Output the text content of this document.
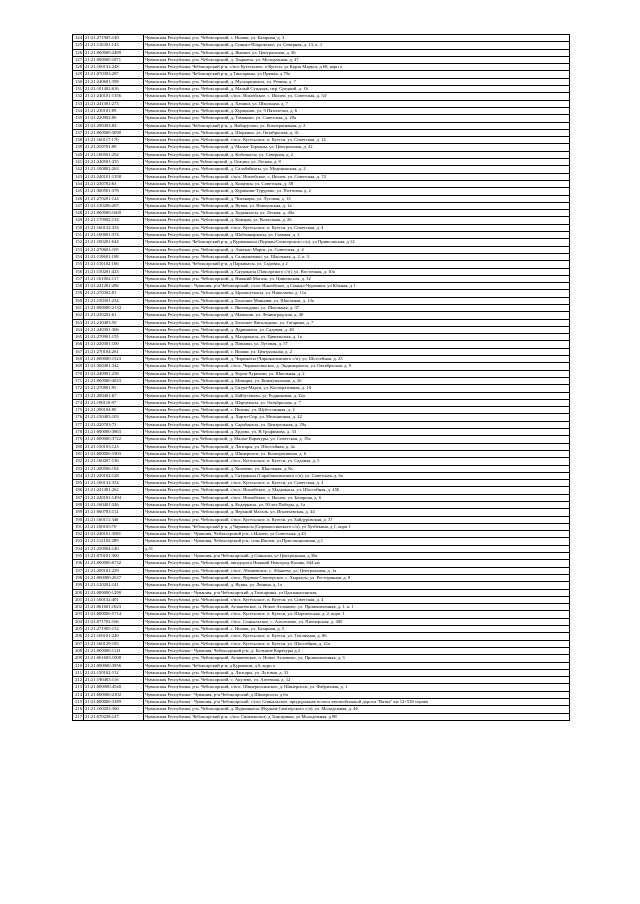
124	21:21:271905:149	Чувашская Республика, р-н. Чебоксарский, с. Ишаки, ул. Базарная, д. 3
125	21:21:110301:143	Чувашская Республика, р-н. Чебоксарский, д. Синьял-Покровское, ул. Северная, д. 13, к. 1
126	21:21:000000:2489	Чувашская Республика, р-н. Чебоксарский, д. Яныши, ул. Центральная, д. 36
127	21:21:000000:1871	Чувашская Республика, р-н. Чебоксарский, д. Хыркасы, ул. Молодежная, д. 47
128	21:21:160132:248	Чувашская Республика, Чебоксарский р-н, с/пос Кугесьское, п Кугеси, ул Карла Маркса, д 68, корп а
129	21:21:070303:287	Чувашская Республика, Чебоксарский р-н, д Тинсарины, ул Прямая, д 79а
130	21:21:240601:398	Чувашская Республика, р-н. Чебоксарский, д. Мускаринкасы, ул. Речная, д. 7
131	21:21:101402:616	Чувашская Республика, р-н. Чебоксарский, д. Малый Сундырь, пер. Средний, д. 16
132	21:21:240101:1356	Чувашская Республика, р-н. Чебоксарский, с/пос. Ишлейское, с. Ишлеи, ул. Советская, д. 54
133	21:21:241301:273	Чувашская Республика, р-н. Чебоксарский, д. Хачики, ул. Школьная, д. 7
134	21:21:230101:89	Чувашская Республика, р-н. Чебоксарский, д. Курмыши, ул. 9 Пятилетки, д. 6
135	21:21:220902:86	Чувашская Республика, р-н. Чебоксарский, д. Томаково, ул. Советская, д. 20а
136	21:21:290303:84	Чувашская Республика, Чебоксарский р-н, д. Ямбарусово, ул. Кооперативная, д. 2
137	21:21:000000:3090	Чувашская Республика, р-н. Чебоксарский, д. Шоркино, ул. Октябрьская, д. 41
138	21:21:160117:170	Чувашская Республика, р-н. Чебоксарский, с/пос. Кугесьское, п. Кугеси, ул. Советская, д. 14
139	21:21:250701:89	Чувашская Республика, р-н. Чебоксарский, д. Малые Торханы, ул. Центральная, д. 22
140	21:21:100501:254	Чувашская Республика, р-н. Чебоксарский, д. Кибечкасы, ул. Северная, д. 2
141	21:21:240501:255	Чувашская Республика, р-н Чебоксарский, д. Огацпи, ул. Лесная, д. 8
142	21:21:100802:263	Чувашская Республика, р-н. Чебоксарский, д. Салабайкасы, ул. Медицинская, д. 2
143	21:21:240101:1358	Чувашская Республика, р-н. Чебоксарский, с/пос. Ишлейское, с. Ишлеи, ул. Советская, д. 72
144	21:21:230702:63	Чувашская Республика, р-н. Чебоксарский, д. Кшаушы, ул. Советская, д. 38
145	21:21:300501:378	Чувашская Республика, р-н. Чебоксарский, д. Курмыши-Турурово, ул. Почтовая, д. 2
146	21:21:270201:124	Чувашская Республика, р-н. Чебоксарский, д. Чиганары, ул. Луговая, д. 13
147	21:21:120206:207	Чувашская Республика, р-н. Чебоксарский, д. Яушы, ул. Новоушская, д. 1а
148	21:21:000000:1669	Чувашская Республика, р-н. Чебоксарский, д. Хурынхасы, ул. Лесная, д. 40а
149	21:21:170902:134	Чувашская Республика, р-н. Чебоксарский, д. Кожары, ул. Колхозная, д. 26
150	21:21:160132:354	Чувашская Республика, р-н. Чебоксарский, с/пос. Кугесьское, п. Кугеси, ул. Советская, д. 4
151	21:21:100601:374	Чувашская Республика, р-н. Чебоксарский, д. Шобашкаркасы, ул. Главная, д. 2
152	21:21:100201:644	Чувашская Республика, Чебоксарский р-н, д Вурманкасы (Вурман-Сюктерского с/п), ул Приволжская, д 12
153	21:21:270603:105	Чувашская Республика, р-н. Чебоксарский, д. Анаткас-Марги, ул. Советская, д. 4
154	21:21:110601:108	Чувашская Республика, р-н. Чебоксарский, д. Салмановино, ул. Школьная, д. 2, к. 3
155	21:21:110102:166	Чувашская Республика, Чебоксарский р-н, д Паркикасы, ул. Садовая, д 2
156	21:21:150201:423	Чувашская Республика, р-н. Чебоксарский, д. Сятракасы (Лапсарского с/п), ул. Восточная, д. 10а
157	21:21:161002:117	Чувашская Республика, р-н. Чебоксарский, д. Нижний Магаль, ул. Цивильская, д. 32
158	21:21:241201:286	Чувашская Республика - Чувашия, р-н Чебоксарский, с/пос Ишлейское, д Синьял-Чурачики, ул Южная, д 1
159	21:21:270302:81	Чувашская Республика, р-н. Чебоксарский, д. Ырашпуткасы, ул. Николаева, д. 11а
160	21:21:150301:234	Чувашская Республика, р-н. Чебоксарский, д. Большие Маннави, ул. Школьная, д. 13а
161	21:21:000000:2133	Чувашская Республика, р-н. Чебоксарский, с. Янгильдино, ул. Школьная, д. 37
162	21:21:230202:61	Чувашская Республика, р-н. Чебоксарский, д. Мамыши, ул. Ленинградская, д. 40
163	21:21:210403:59	Чувашская Республика, р-н. Чебоксарский, д. Большое Янгильдино, ул. Гагарина, д. 7
164	21:21:240301:306	Чувашская Республика, р-н. Чебоксарский, д. Ядринкасы, ул. Садовая, д. 28
165	21:21:270901:155	Чувашская Республика, р-н. Чебоксарский, д. Малдыкасы, ул. Цивильская, д. 1а
166	21:21:220301:100	Чувашская Республика, р-н. Чебоксарский, д. Пишики, ул. Луговая, д. 57
167	21:21:270104:261	Чувашская Республика, р-н. Чебоксарский, с. Ишаки, ул. Центральная, д. 2
168	21:21:000000:1523	Чувашская Республика, р-н. Чебоксарский, д. Чиршкасы (Чиршкасинского с/п), ул. Шоссейная, д. 23
169	21:21:300401:342	Чувашская Республика, р-н. Чебоксарский, с/пос. Чиршкасинское, д. Эндимиркасы, ул. Октябрьская, д. 9
170	21:21:240901:258	Чувашская Республика, р-н. Чебоксарский, д. Корак-Чуриаши, ул. Школьная, д. 2
171	21:21:000000:4023	Чувашская Республика, р-н. Чебоксарский, д. Мижары, ул. Коммунальная, д. 26
172	21:21:270801:95	Чувашская Республика, р-н. Чебоксарский, д. Сятра-Марги, ул. Кооперативная, д. 10
173	21:21:200401:67	Чувашская Республика, р-н. Чебоксарский, д. Байбусёвово, ул. Родниковая, д. 32а
174	21:21:190110:97	Чувашская Республика, р-н. Чебоксарский, д. Шорчекасы, ул. Октябрьская, д. 7
175	21:21:290104:80	Чувашская Республика, р-н. Чебоксарский, с. Икково, ул. Шубоссинная, д. 2
176	21:21:150403:103	Чувашская Республика, р-н. Чебоксарский, д. Хирти-Сир, ул. Мельничная, д. 42
177	21:21:220703:73	Чувашская Республика, р-н. Чебоксарский, д. Сарабакасы, ул. Центральная, д. 29а
178	21:21:000000:3863	Чувашская Республика, р-н. Чебоксарский, д. Ердово, ул. В.Трофимова, д. 33
179	21:21:000000:3722	Чувашская Республика, р-н Чебоксарский, д. Малые Карачуры, ул. Советская, д. 19а
180	21:21:150103:123	Чувашская Республика, р-н. Чебоксарский, д. Лапсары, ул. Шоссейная, д. 4а
181	21:21:000000:1903	Чувашская Республика, р-н. Чебоксарский, д. Шинерпоси, ул. Кооперативная, д. 6
182	21:21:160207:136	Чувашская Республика, р-н. Чебоксарский, с/пос. Кугесьское, п. Кугеси, ул. Садовая, д. 5
183	21:21:200506:194	Чувашская Республика, р-н. Чебоксарский, д. Кшачево, ул. Школьная, д. 8а
184	21:21:220102:128	Чувашская Республика, р-н. Чебоксарский, д. Сятракасы (Сарабакасинского с/п), ул. Советская, д. 6а
185	21:21:160132:354	Чувашская Республика, р-н. Чебоксарский, с/пос. Кугесьское, п. Кугеси, ул. Советская, д. 4
186	21:21:241401:262	Чувашская Республика, р-н. Чебоксарский, с/пос. Ишлейское, д. Мадкакасы, ул. Шоссейная, д. 45Б
187	21:21:240101:1494	Чувашская Республика, р-н. Чебоксарский, с/пос. Ишлейское, с. Ишлеи, ул. Базарная, д. 6
188	21:21:160401:326	Чувашская Республика, р-н. Чебоксарский, д. Кодеркасы, ул. 50 лет Победы, д. 1а
189	21:21:060703:112	Чувашская Республика, р-н. Чебоксарский, д. Верхний Магаль, ул. Игнатьевская, д. 44
190	21:21:160111:346	Чувашская Республика, р-н. Чебоксарский, с/пос. Кугесьское, п. Кугеси, ул. Байдуровская, д. 37
191	21:21:100103:70	Чувашская Республика, Чебоксарский р-н, д Чиршкасы (Сирмапосинского с/п), ул Хузбекина, д 1, корп 1
192	21:21:240101:3081	Чувашская Республика - Чувашия, Чебоксарский р-н, с.Ишлеи, ул.Советская, д.43
193	21:21:112103:289	Чувашская Республика - Чувашия, Чебоксарский р-н, стан.Ишлеи, ул.Пристанционная, д.1
194	21:21:250904:140	д.51
195	21:21:070101:360	Чувашская Республика - Чувашия, р-н Чебоксарский, д Синьялы, ул Центральная, д 30а
196	21:21:000000:6732	Чувашская Республика, р-н. Чебоксарский, автодорога Нижний Новгород-Казань, 644 км
197	21:21:200101:229	Чувашская Республика, р-н. Чебоксарский, с/пос. Абашевское, с. Абашево, ул. Центральная, д. 1а
198	21:21:000000:2637	Чувашская Республика, р-н. Чебоксарский, с/пос. Вурман-Сюктерское, с. Хыркасы, ул. Ресторанная, д. 8
199	21:21:120202:141	Чувашская Республика, р-н. Чебоксарский, д. Яушы, ул. Ленина, д. 1а
200	21:21:000000:1290	Чувашская Республика - Чувашия, р-н Чебоксарский, д Тинсарины, ул Цыганкасинская
201	21:21:160132:401	Чувашская Республика, р-н. Чебоксарский, с/пос. Кугесьское, п. Кугеси, ул. Советская, д. 4
202	21:21:061601:1623	Чувашская Республика, р-н. Чебоксарский, Атлашевское, п. Новое Атлашево, ул. Промышленная, д. 1, к. 1
203	21:21:000000:5714	Чувашская Республика, р-н. Чебоксарский, с/пос. Кугесьское, п. Кугеси, ул. Шоршелская, д. 2, корп. 1
204	21:21:071702:166	Чувашская Республика, р-н. Чебоксарский, с/пос. Синьяльское, с. Альгешево, ул. Пионерская, д. 40б
205	21:21:271905:152	Чувашская Республика, р-н. Чебоксарский, с. Ишаки, ул. Базарная, д. 5
206	21:21:160101:240	Чувашская Республика, р-н. Чебоксарский, с/пос. Кугесьское, п. Кугеси, ул. Тепличная, д. 86
207	21:21:160129:185	Чувашская Республика, р-н. Чебоксарский, с/пос. Кугесьское, п. Кугеси, ул. Шоссейная, д. 21а
208	21:21:000000:1141	Чувашская Республика - Чувашия, Чебоксарский р-н, д. Большие Карачуры д.2
209	21:21:061605:1008	Чувашская Республика, р-н. Чебоксарский, Атлашевское, п. Новое Атлашево, ул. Промышленная, д. 3
210	21:21:000000:3956	Чувашская Республика, Чебоксарский р-н, д Курмыши, д 6, корп а
211	21:21:150102:152	Чувашская Республика, р-н. Чебоксарский, д. Лапсары, ул. Луговая, д. 31
212	21:21:190403:116	Чувашская Республика, р-н. Чебоксарский, с. Акулево, ул. Аптечная, д. 12
213	21:21:000000:4540	Чувашская Республика, р-н. Чебоксарский, с/пос. Шинерпосинское, д. Шинерпоси, ул. Фабричная, д. 1
214	21:21:000000:2102	Чувашская Республика - Чувашия, р-н Чебоксарский, д Шинерпоси, д 6ч
215	21:21:000000:3289	Чувашская Республика - Чувашия, р-н Чебоксарский, с/пос Синьяльское, придорожная полоса автомобильной дороги "Вятка" км 12+530 справа
216	21:21:100203:360	Чувашская Республика, р-н. Чебоксарский, д. Вурманкасы (Вурман-Сюктерского с/п), ул. Молодежная, д. 46
217	21:21:070238:147	Чувашская Республика, Чебоксарский р-н, с/пос Синьяльское, д Тинсарины, ул Молодежная, д 88
